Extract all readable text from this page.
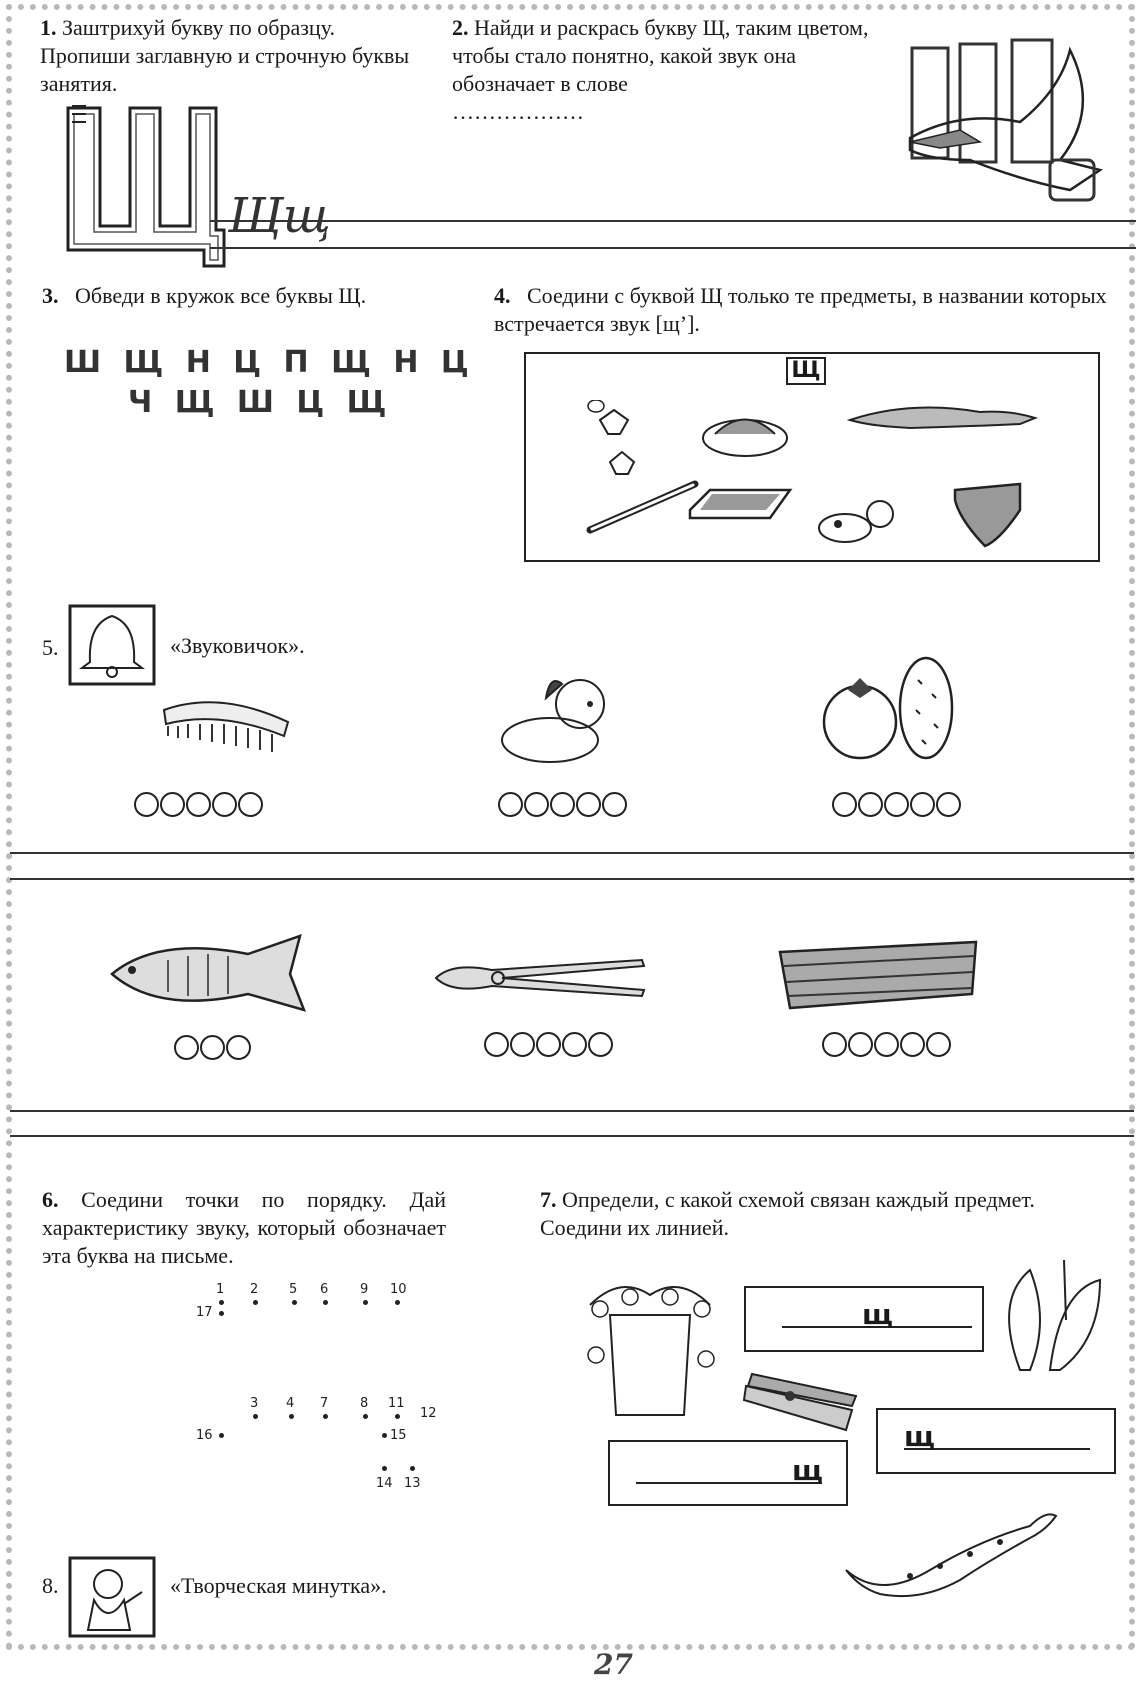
1. Заштрихуй букву по образцу. Пропиши заглавную и строчную буквы занятия.
Щщ
2. Найди и раскрась букву Щ, таким цветом, чтобы стало понятно, какой звук она обозначает в слове
………………
3. Обведи в кружок все буквы Щ.
Ш Щ Н Ц П Щ Н Ц
Ч Щ Ш Ц Щ
4. Соедини с буквой Щ только те предметы, в названии которых встречается звук [щ’].
Щ
5.	«Звуковичок».
6. Соедини точки по порядку. Дай характеристику звуку, который обозначает эта буква на письме.
1 2 5 6 9 10
17
3 4 7 8 11
12
16	15
14 13
7. Определи, с какой схемой связан каждый предмет. Соедини их линией.
щ
щ
щ
8.	«Творческая минутка».
27
